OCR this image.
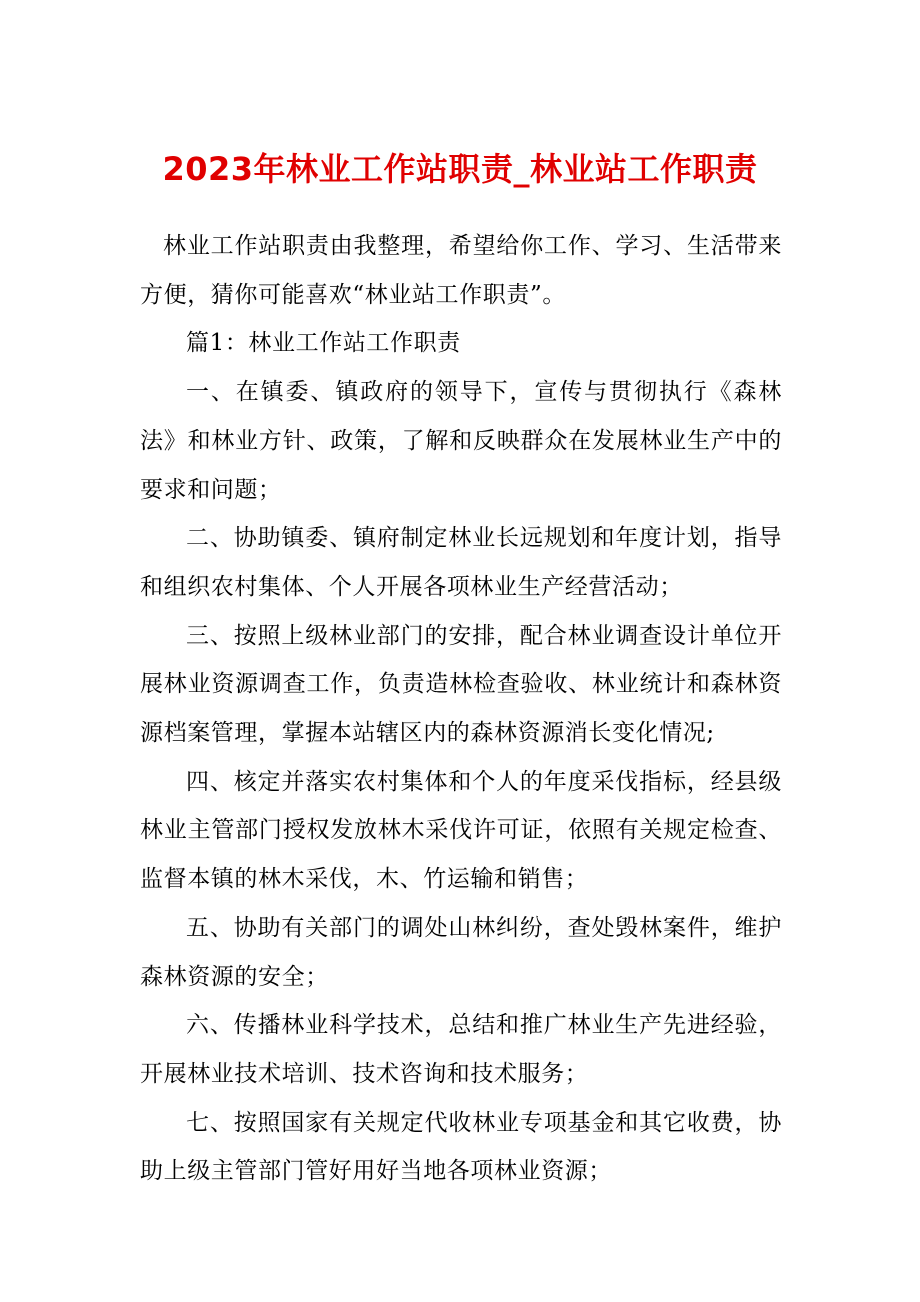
2023年林业工作站职责_林业站工作职责

林业工作站职责由我整理，希望给你工作、学习、生活带来方便，猜你可能喜欢“林业站工作职责”。

篇1：林业工作站工作职责

一、在镇委、镇政府的领导下，宣传与贯彻执行《森林法》和林业方针、政策，了解和反映群众在发展林业生产中的要求和问题；

二、协助镇委、镇府制定林业长远规划和年度计划，指导和组织农村集体、个人开展各项林业生产经营活动；

三、按照上级林业部门的安排，配合林业调查设计单位开展林业资源调查工作，负责造林检查验收、林业统计和森林资源档案管理，掌握本站辖区内的森林资源消长变化情况;

四、核定并落实农村集体和个人的年度采伐指标，经县级林业主管部门授权发放林木采伐许可证，依照有关规定检查、监督本镇的林木采伐，木、竹运输和销售；

五、协助有关部门的调处山林纠纷，查处毁林案件，维护森林资源的安全；

六、传播林业科学技术，总结和推广林业生产先进经验，开展林业技术培训、技术咨询和技术服务；

七、按照国家有关规定代收林业专项基金和其它收费，协助上级主管部门管好用好当地各项林业资源；
